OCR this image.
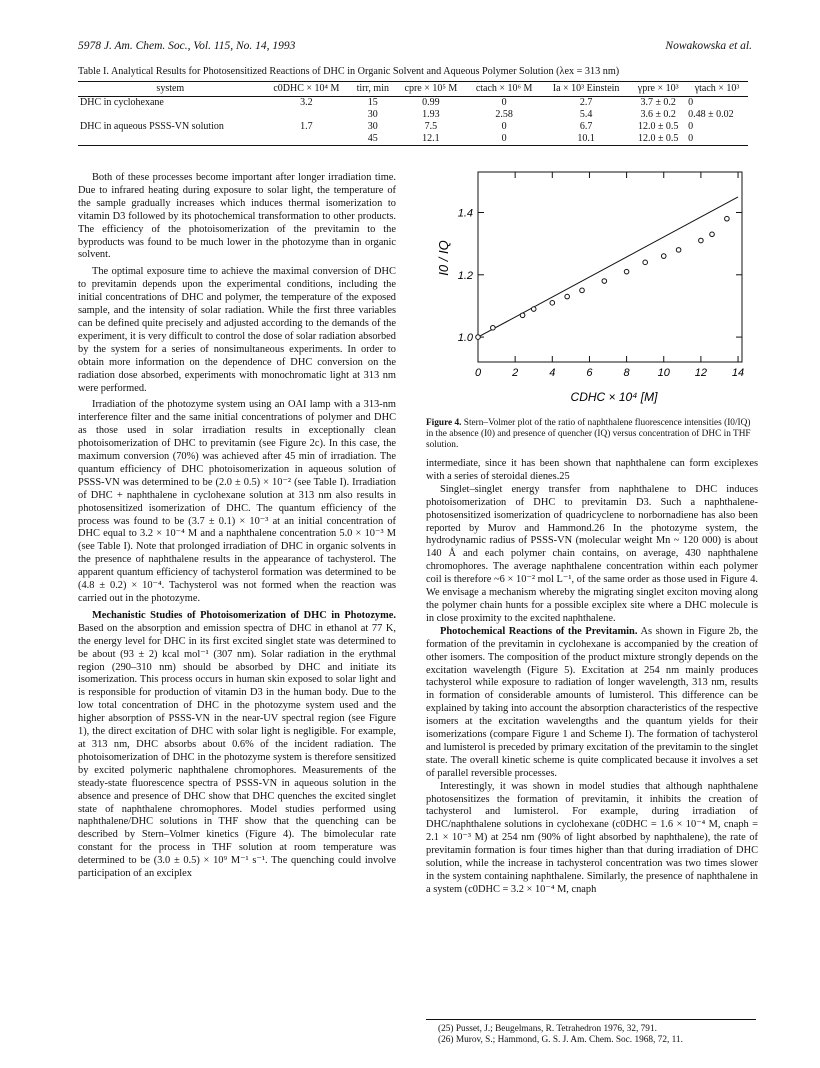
5978 J. Am. Chem. Soc., Vol. 115, No. 14, 1993	Nowakowska et al.
Table I. Analytical Results for Photosensitized Reactions of DHC in Organic Solvent and Aqueous Polymer Solution (λex = 313 nm)
system	c0DHC × 10⁴ M	tirr, min	cpre × 10⁵ M	ctach × 10⁶ M	Ia × 10³ Einstein	γpre × 10³	γtach × 10³
DHC in cyclohexane	3.2	15	0.99	0	2.7	3.7 ± 0.2	0
		30	1.93	2.58	5.4	3.6 ± 0.2	0.48 ± 0.02
DHC in aqueous PSSS-VN solution	1.7	30	7.5	0	6.7	12.0 ± 0.5	0
		45	12.1	0	10.1	12.0 ± 0.5	0

Both of these processes become important after longer irradiation time. Due to infrared heating during exposure to solar light, the temperature of the sample gradually increases which induces thermal isomerization to vitamin D3 followed by its photochemical transformation to other products. The efficiency of the photoisomerization of the previtamin to the byproducts was found to be much lower in the photozyme than in organic solvent.

The optimal exposure time to achieve the maximal conversion of DHC to previtamin depends upon the experimental conditions, including the initial concentrations of DHC and polymer, the temperature of the exposed sample, and the intensity of solar radiation. While the first three variables can be defined quite precisely and adjusted according to the demands of the experiment, it is very difficult to control the dose of solar radiation absorbed by the system for a series of nonsimultaneous experiments. In order to obtain more information on the dependence of DHC conversion on the radiation dose absorbed, experiments with monochromatic light at 313 nm were performed.

Irradiation of the photozyme system using an OAI lamp with a 313-nm interference filter and the same initial concentrations of polymer and DHC as those used in solar irradiation results in exceptionally clean photoisomerization of DHC to previtamin (see Figure 2c). In this case, the maximum conversion (70%) was achieved after 45 min of irradiation. The quantum efficiency of DHC photoisomerization in aqueous solution of PSSS-VN was determined to be (2.0 ± 0.5) × 10⁻² (see Table I). Irradiation of DHC + naphthalene in cyclohexane solution at 313 nm also results in photosensitized isomerization of DHC. The quantum efficiency of the process was found to be (3.7 ± 0.1) × 10⁻³ at an initial concentration of DHC equal to 3.2 × 10⁻⁴ M and a naphthalene concentration 5.0 × 10⁻³ M (see Table I). Note that prolonged irradiation of DHC in organic solvents in the presence of naphthalene results in the appearance of tachysterol. The apparent quantum efficiency of tachysterol formation was determined to be (4.8 ± 0.2) × 10⁻⁴. Tachysterol was not formed when the reaction was carried out in the photozyme.

Mechanistic Studies of Photoisomerization of DHC in Photozyme. Based on the absorption and emission spectra of DHC in ethanol at 77 K, the energy level for DHC in its first excited singlet state was determined to be about (93 ± 2) kcal mol⁻¹ (307 nm). Solar radiation in the erythmal region (290–310 nm) should be absorbed by DHC and initiate its isomerization. This process occurs in human skin exposed to solar light and is responsible for production of vitamin D3 in the human body. Due to the low total concentration of DHC in the photozyme system used and the higher absorption of PSSS-VN in the near-UV spectral region (see Figure 1), the direct excitation of DHC with solar light is negligible. For example, at 313 nm, DHC absorbs about 0.6% of the incident radiation. The photoisomerization of DHC in the photozyme system is therefore sensitized by excited polymeric naphthalene chromophores. Measurements of the steady-state fluorescence spectra of PSSS-VN in aqueous solution in the absence and presence of DHC show that DHC quenches the excited singlet state of naphthalene chromophores. Model studies performed using naphthalene/DHC solutions in THF show that the quenching can be described by Stern–Volmer kinetics (Figure 4). The bimolecular rate constant for the process in THF solution at room temperature was determined to be (3.0 ± 0.5) × 10⁹ M⁻¹ s⁻¹. The quenching could involve participation of an exciplex

0	2	4	6	8	10 12 14
1.0
1.2
1.4
I0 / IQ
CDHC × 10⁴ [M]
Figure 4. Stern–Volmer plot of the ratio of naphthalene fluorescence intensities (I0/IQ) in the absence (I0) and presence of quencher (IQ) versus concentration of DHC in THF solution.
intermediate, since it has been shown that naphthalene can form exciplexes with a series of steroidal dienes.25

Singlet–singlet energy transfer from naphthalene to DHC induces photoisomerization of DHC to previtamin D3. Such a naphthalene-photosensitized isomerization of quadricyclene to norbornadiene has also been reported by Murov and Hammond.26 In the photozyme system, the hydrodynamic radius of PSSS-VN (molecular weight Mn ~ 120 000) is about 140 Å and each polymer chain contains, on average, 430 naphthalene chromophores. The average naphthalene concentration within each polymer coil is therefore ~6 × 10⁻² mol L⁻¹, of the same order as those used in Figure 4. We envisage a mechanism whereby the migrating singlet exciton moving along the polymer chain hunts for a possible exciplex site where a DHC molecule is in close proximity to the excited naphthalene.

Photochemical Reactions of the Previtamin. As shown in Figure 2b, the formation of the previtamin in cyclohexane is accompanied by the creation of other isomers. The composition of the product mixture strongly depends on the excitation wavelength (Figure 5). Excitation at 254 nm mainly produces tachysterol while exposure to radiation of longer wavelength, 313 nm, results in formation of considerable amounts of lumisterol. This difference can be explained by taking into account the absorption characteristics of the respective isomers at the excitation wavelengths and the quantum yields for their isomerizations (compare Figure 1 and Scheme I). The formation of tachysterol and lumisterol is preceded by primary excitation of the previtamin to the singlet state. The overall kinetic scheme is quite complicated because it involves a set of parallel reversible processes.

Interestingly, it was shown in model studies that although naphthalene photosensitizes the formation of previtamin, it inhibits the creation of tachysterol and lumisterol. For example, during irradiation of DHC/naphthalene solutions in cyclohexane (c0DHC = 1.6 × 10⁻⁴ M, cnaph = 2.1 × 10⁻³ M) at 254 nm (90% of light absorbed by naphthalene), the rate of previtamin formation is four times higher than that during irradiation of DHC solution, while the increase in tachysterol concentration was two times slower in the system containing naphthalene. Similarly, the presence of naphthalene in a system (c0DHC = 3.2 × 10⁻⁴ M, cnaph

(25) Pusset, J.; Beugelmans, R. Tetrahedron 1976, 32, 791.
(26) Murov, S.; Hammond, G. S. J. Am. Chem. Soc. 1968, 72, 11.
